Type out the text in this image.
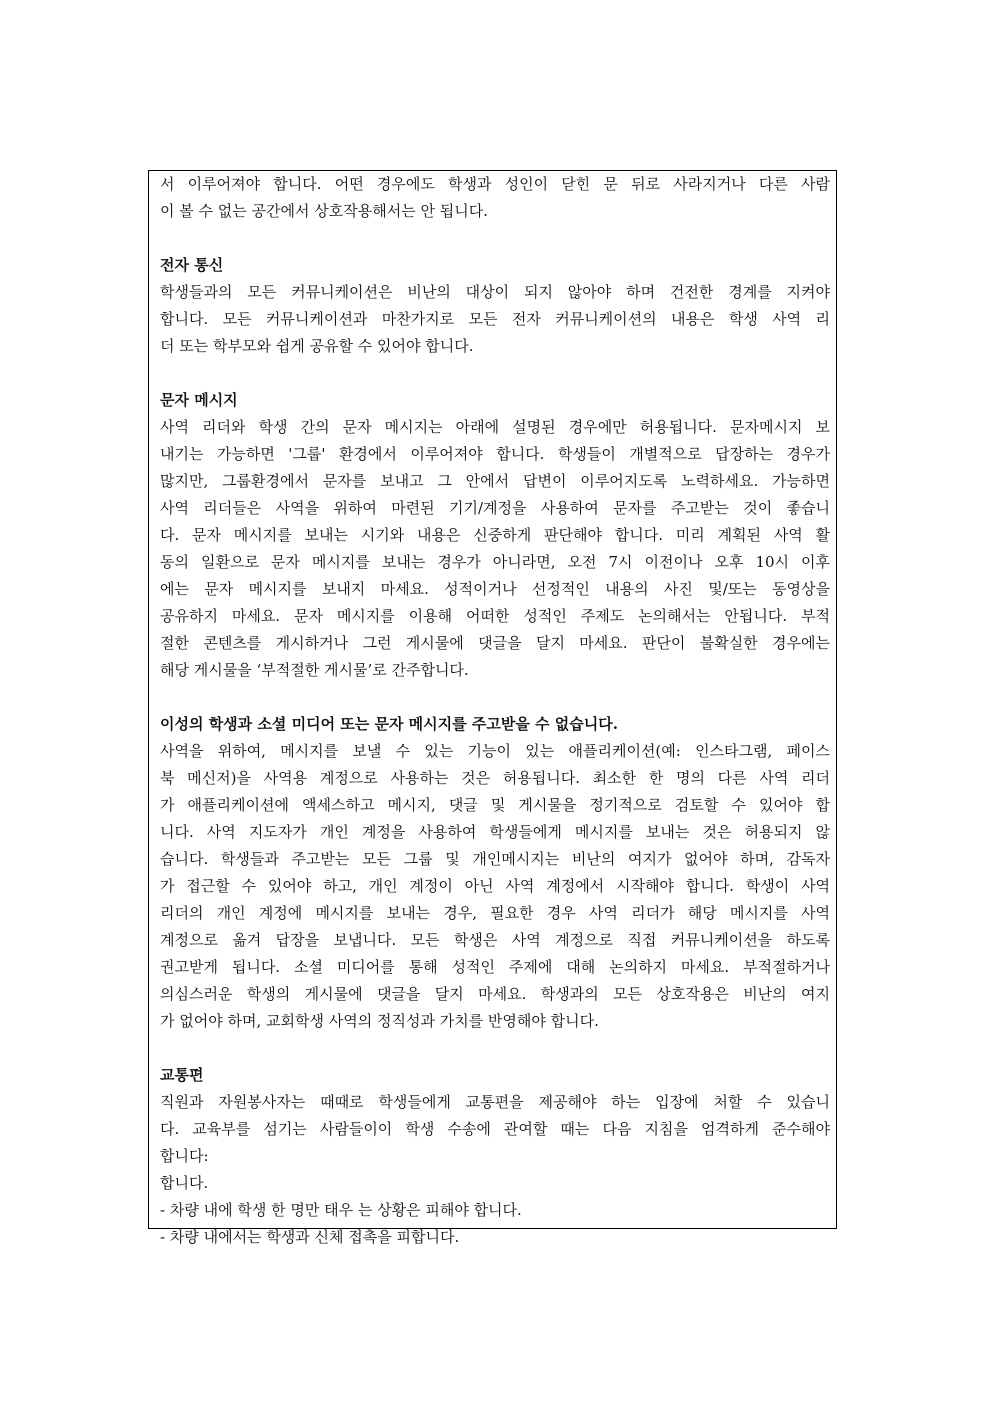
서 이루어져야 합니다. 어떤 경우에도 학생과 성인이 닫힌 문 뒤로 사라지거나 다른 사람
이 볼 수 없는 공간에서 상호작용해서는 안 됩니다.
전자 통신
학생들과의 모든 커뮤니케이션은 비난의 대상이 되지 않아야 하며 건전한 경계를 지켜야
합니다. 모든 커뮤니케이션과 마찬가지로 모든 전자 커뮤니케이션의 내용은 학생 사역 리
더 또는 학부모와 쉽게 공유할 수 있어야 합니다.
문자 메시지
사역 리더와 학생 간의 문자 메시지는 아래에 설명된 경우에만 허용됩니다. 문자메시지 보
내기는 가능하면 '그룹' 환경에서 이루어져야 합니다. 학생들이 개별적으로 답장하는 경우가
많지만, 그룹환경에서 문자를 보내고 그 안에서 답변이 이루어지도록 노력하세요. 가능하면
사역 리더들은 사역을 위하여 마련된 기기/계정을 사용하여 문자를 주고받는 것이 좋습니
다. 문자 메시지를 보내는 시기와 내용은 신중하게 판단해야 합니다. 미리 계획된 사역 활
동의 일환으로 문자 메시지를 보내는 경우가 아니라면, 오전 7시 이전이나 오후 10시 이후
에는 문자 메시지를 보내지 마세요. 성적이거나 선정적인 내용의 사진 및/또는 동영상을
공유하지 마세요. 문자 메시지를 이용해 어떠한 성적인 주제도 논의해서는 안됩니다. 부적
절한 콘텐츠를 게시하거나 그런 게시물에 댓글을 달지 마세요. 판단이 불확실한 경우에는
해당 게시물을 ‘부적절한 게시물’로 간주합니다.
이성의 학생과 소셜 미디어 또는 문자 메시지를 주고받을 수 없습니다.
사역을 위하여, 메시지를 보낼 수 있는 기능이 있는 애플리케이션(예: 인스타그램, 페이스
북 메신저)을 사역용 계정으로 사용하는 것은 허용됩니다. 최소한 한 명의 다른 사역 리더
가 애플리케이션에 액세스하고 메시지, 댓글 및 게시물을 정기적으로 검토할 수 있어야 합
니다. 사역 지도자가 개인 계정을 사용하여 학생들에게 메시지를 보내는 것은 허용되지 않
습니다. 학생들과 주고받는 모든 그룹 및 개인메시지는 비난의 여지가 없어야 하며, 감독자
가 접근할 수 있어야 하고, 개인 계정이 아닌 사역 계정에서 시작해야 합니다. 학생이 사역
리더의 개인 계정에 메시지를 보내는 경우, 필요한 경우 사역 리더가 해당 메시지를 사역
계정으로 옮겨 답장을 보냅니다. 모든 학생은 사역 계정으로 직접 커뮤니케이션을 하도록
권고받게 됩니다. 소셜 미디어를 통해 성적인 주제에 대해 논의하지 마세요. 부적절하거나
의심스러운 학생의 게시물에 댓글을 달지 마세요. 학생과의 모든 상호작용은 비난의 여지
가 없어야 하며, 교회학생 사역의 정직성과 가치를 반영해야 합니다.
교통편
직원과 자원봉사자는 때때로 학생들에게 교통편을 제공해야 하는 입장에 처할 수 있습니
다. 교육부를 섬기는 사람들이이 학생 수송에 관여할 때는 다음 지침을 엄격하게 준수해야
합니다:
합니다.
- 차량 내에 학생 한 명만 태우 는 상황은 피해야 합니다.
- 차량 내에서는 학생과 신체 접촉을 피합니다.
